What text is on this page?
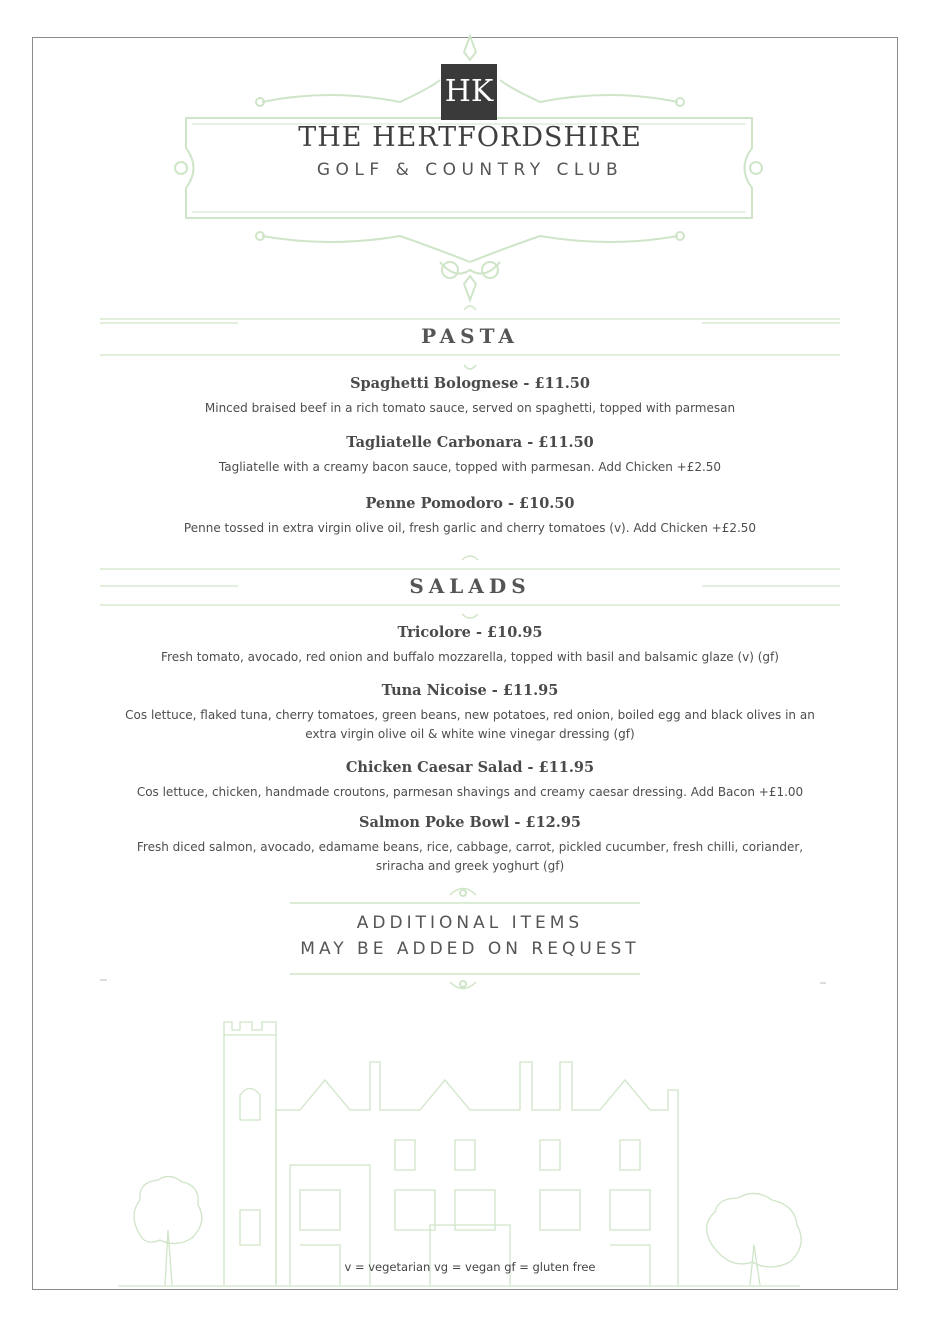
HK
THE HERTFORDSHIRE
GOLF & COUNTRY CLUB
PASTA
Spaghetti Bolognese - £11.50
Minced braised beef in a rich tomato sauce, served on spaghetti, topped with parmesan
Tagliatelle Carbonara - £11.50
Tagliatelle with a creamy bacon sauce, topped with parmesan. Add Chicken +£2.50
Penne Pomodoro - £10.50
Penne tossed in extra virgin olive oil, fresh garlic and cherry tomatoes (v). Add Chicken +£2.50
SALADS
Tricolore - £10.95
Fresh tomato, avocado, red onion and buffalo mozzarella, topped with basil and balsamic glaze (v) (gf)
Tuna Nicoise - £11.95
Cos lettuce, flaked tuna, cherry tomatoes, green beans, new potatoes, red onion, boiled egg and black olives in an
extra virgin olive oil & white wine vinegar dressing (gf)
Chicken Caesar Salad - £11.95
Cos lettuce, chicken, handmade croutons, parmesan shavings and creamy caesar dressing. Add Bacon +£1.00
Salmon Poke Bowl - £12.95
Fresh diced salmon, avocado, edamame beans, rice, cabbage, carrot, pickled cucumber, fresh chilli, coriander,
sriracha and greek yoghurt (gf)
ADDITIONAL ITEMS
MAY BE ADDED ON REQUEST
v = vegetarian vg = vegan gf = gluten free
